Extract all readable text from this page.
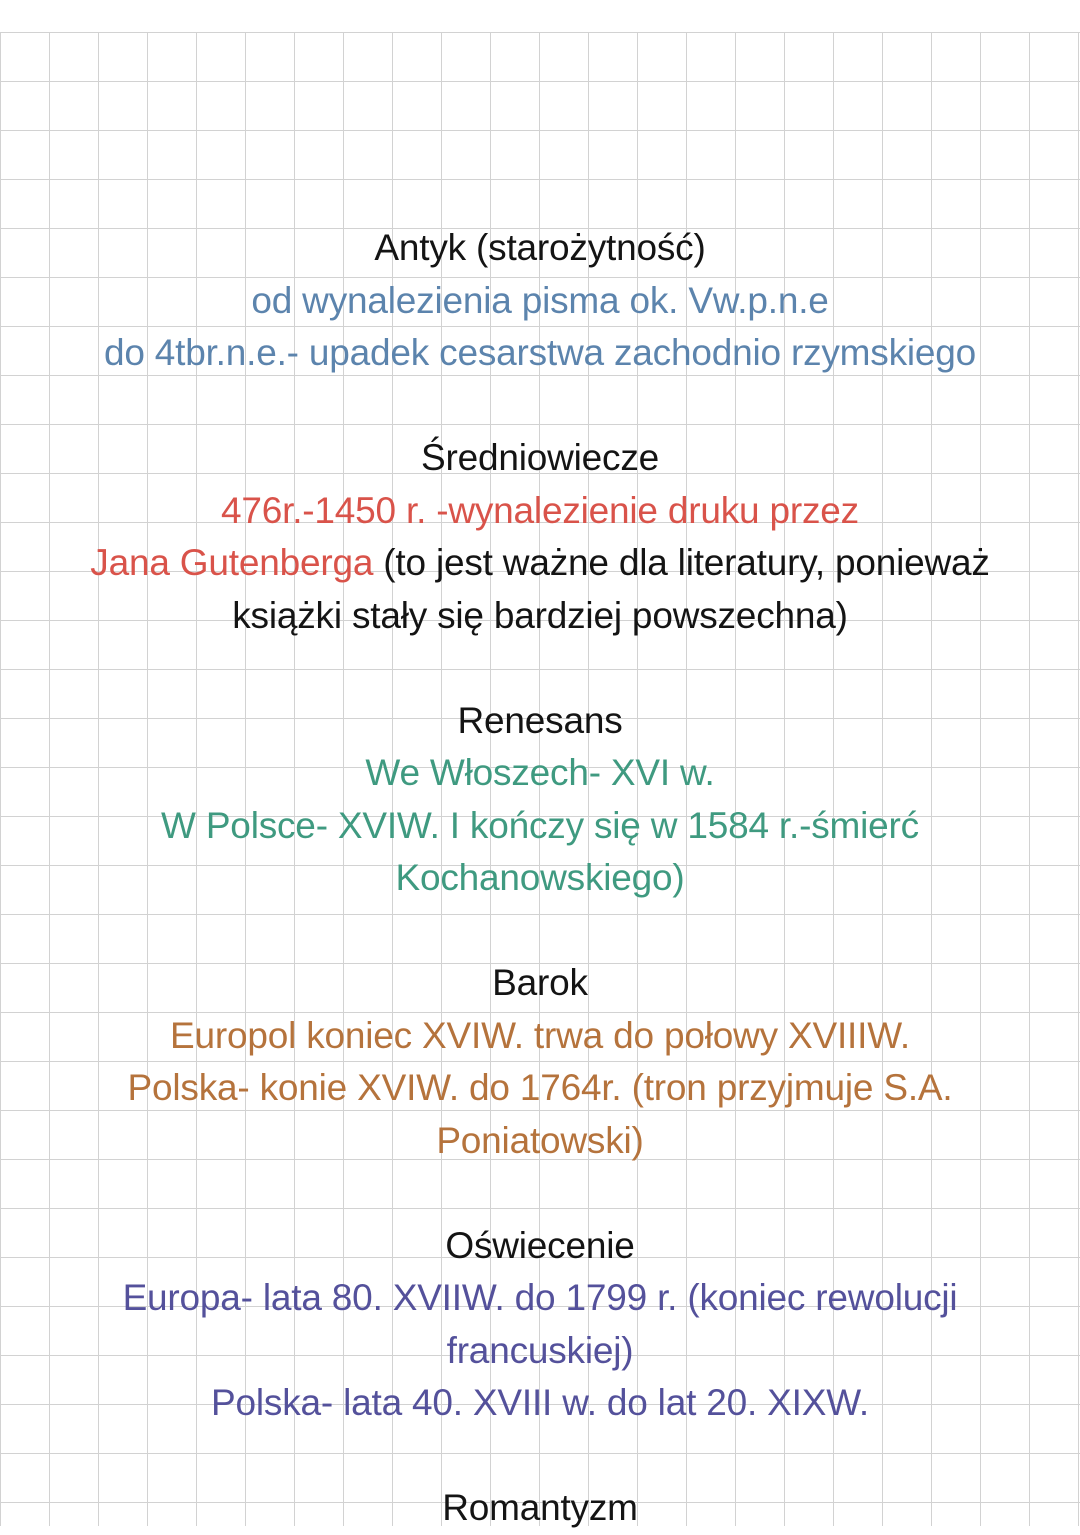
Antyk (starożytność)
od wynalezienia pisma ok. Vw.p.n.e
do 4tbr.n.e.- upadek cesarstwa zachodnio rzymskiego
Średniowiecze
476r.-1450 r. -wynalezienie druku przez
Jana Gutenberga (to jest ważne dla literatury, ponieważ
książki stały się bardziej powszechna)
Renesans
We Włoszech- XVI w.
W Polsce- XVIW. I kończy się w 1584 r.-śmierć
Kochanowskiego)
Barok
Europol koniec XVIW. trwa do połowy XVIIIW.
Polska- konie XVIW. do 1764r. (tron przyjmuje S.A.
Poniatowski)
Oświecenie
Europa- lata 80. XVIIW. do 1799 r. (koniec rewolucji
francuskiej)
Polska- lata 40. XVIII w. do lat 20. XIXW.
Romantyzm
